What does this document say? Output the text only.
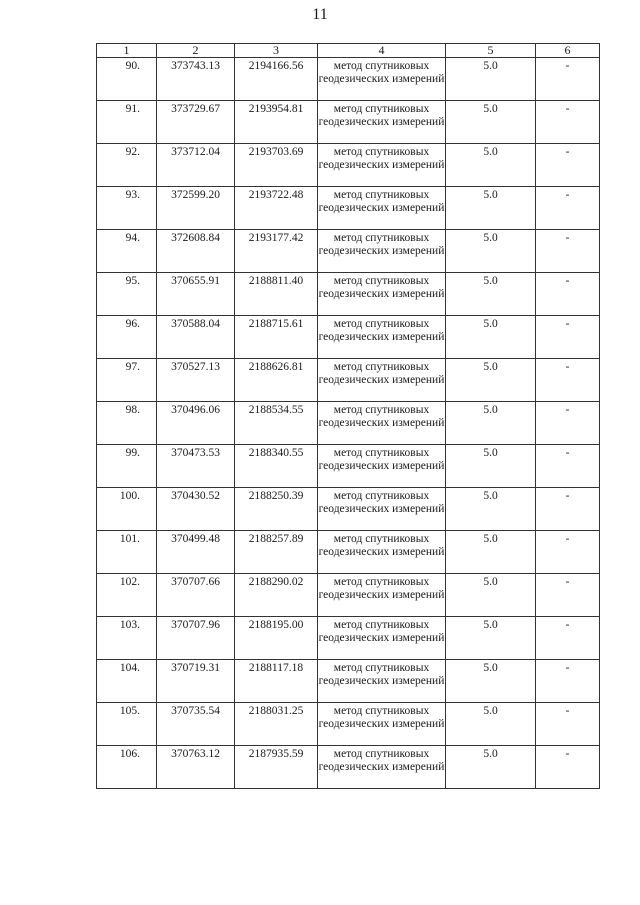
11
1	2	3	4	5	6
90.	373743.13	2194166.56	метод спутниковых геодезических измерений	5.0	-
91.	373729.67	2193954.81	метод спутниковых геодезических измерений	5.0	-
92.	373712.04	2193703.69	метод спутниковых геодезических измерений	5.0	-
93.	372599.20	2193722.48	метод спутниковых геодезических измерений	5.0	-
94.	372608.84	2193177.42	метод спутниковых геодезических измерений	5.0	-
95.	370655.91	2188811.40	метод спутниковых геодезических измерений	5.0	-
96.	370588.04	2188715.61	метод спутниковых геодезических измерений	5.0	-
97.	370527.13	2188626.81	метод спутниковых геодезических измерений	5.0	-
98.	370496.06	2188534.55	метод спутниковых геодезических измерений	5.0	-
99.	370473.53	2188340.55	метод спутниковых геодезических измерений	5.0	-
100.	370430.52	2188250.39	метод спутниковых геодезических измерений	5.0	-
101.	370499.48	2188257.89	метод спутниковых геодезических измерений	5.0	-
102.	370707.66	2188290.02	метод спутниковых геодезических измерений	5.0	-
103.	370707.96	2188195.00	метод спутниковых геодезических измерений	5.0	-
104.	370719.31	2188117.18	метод спутниковых геодезических измерений	5.0	-
105.	370735.54	2188031.25	метод спутниковых геодезических измерений	5.0	-
106.	370763.12	2187935.59	метод спутниковых геодезических измерений	5.0	-
